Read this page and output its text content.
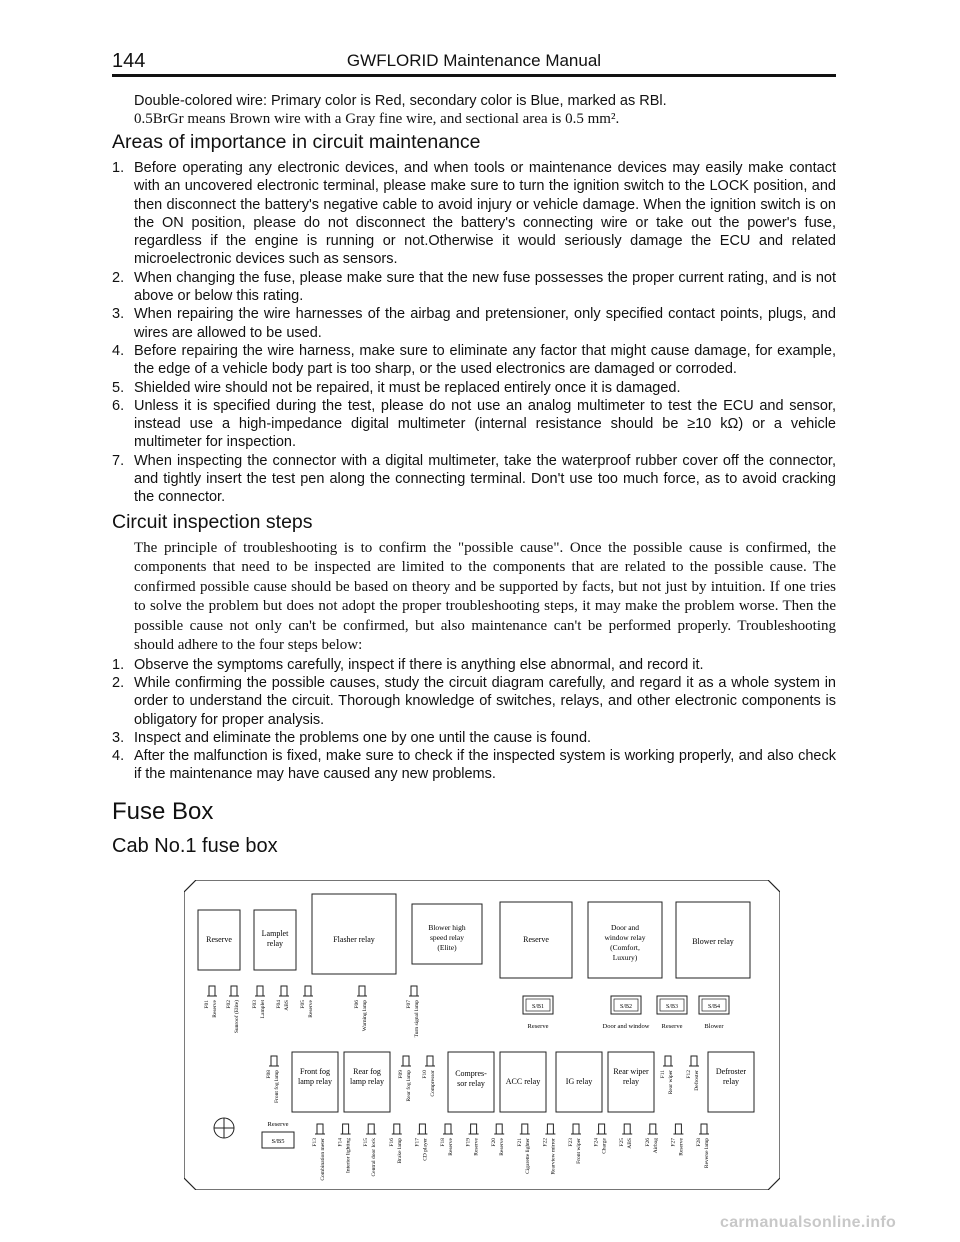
144	GWFLORID Maintenance Manual

Double-colored wire: Primary color is Red, secondary color is Blue, marked as RBl.

0.5BrGr means Brown wire with a Gray fine wire, and sectional area is 0.5 mm².

Areas of importance in circuit maintenance
1. Before operating any electronic devices, and when tools or maintenance devices may easily make contact with an uncovered electronic terminal, please make sure to turn the ignition switch to the LOCK position, and then disconnect the battery's negative cable to avoid injury or vehicle damage. When the ignition switch is on the ON position, please do not disconnect the battery's connecting wire or take out the power's fuse, regardless if the engine is running or not.Otherwise it would seriously damage the ECU and related microelectronic devices such as sensors.
2. When changing the fuse, please make sure that the new fuse possesses the proper current rating, and is not above or below this rating.
3. When repairing the wire harnesses of the airbag and pretensioner, only specified contact points, plugs, and wires are allowed to be used.
4. Before repairing the wire harness, make sure to eliminate any factor that might cause damage, for example, the edge of a vehicle body part is too sharp, or the used electronics are damaged or corroded.
5. Shielded wire should not be repaired, it must be replaced entirely once it is damaged.
6. Unless it is specified during the test, please do not use an analog multimeter to test the ECU and sensor, instead use a high-impedance digital multimeter (internal resistance should be ≥10 kΩ) or a vehicle multimeter for inspection.
7. When inspecting the connector with a digital multimeter, take the waterproof rubber cover off the connector, and tightly insert the test pen along the connecting terminal. Don't use too much force, as to avoid cracking the connector.
Circuit inspection steps

The principle of troubleshooting is to confirm the "possible cause". Once the possible cause is confirmed, the components that need to be inspected are limited to the components that are related to the possible cause. The confirmed possible cause should be based on theory and be supported by facts, but not just by intuition. If one tries to solve the problem but does not adopt the proper troubleshooting steps, it may make the problem worse. Then the possible cause not only can't be confirmed, but also maintenance can't be performed properly. Troubleshooting should adhere to the four steps below:

1. Observe the symptoms carefully, inspect if there is anything else abnormal, and record it.
2. While confirming the possible causes, study the circuit diagram carefully, and regard it as a whole system in order to understand the circuit. Thorough knowledge of switches, relays, and other electronic components is obligatory for proper analysis.
3. Inspect and eliminate the problems one by one until the cause is found.
4. After the malfunction is fixed, make sure to check if the inspected system is working properly, and also check if the maintenance may have caused any new problems.
Fuse Box
Cab No.1 fuse box
Reserve
Lamplet
relay	Flasher relay
Blower high
speed relay
(Elite)
Reserve
Door and
window relay
(Comfort,
Luxury)
Blower relay
F01 Reserve F02 Sunroof (Elite) F03 Lamplet F04 ABS F05 Reserve	F06 Warning lamp	F07 Turn signal lamp	S/B1
Reserve
S/B2
Door and window
S/B3
Reserve
S/B4
Blower
Front fog
lamp relay
Rear fog
lamp relay
Compres-
sor relay	ACC relay	IG relay
Rear wiper
relay
Defroster
relay
F08 Front fog lamp	F09 Rear fog lamp F10 Compressor	F11 Rear wiper F12 Defroster
Reserve
S/B5	F13 Combination meter F14 Interior lighting F15 Central door lock F16 Brake lamp F17 CD player F18 Reserve F19 Reserve F20 Reserve F21 Cigarette lighter F22 Rearview mirror F23 Front wiper F24 Charge F25 ABS F26 Airbag F27 Reserve F28 Reverse lamp
carmanualsonline.info
